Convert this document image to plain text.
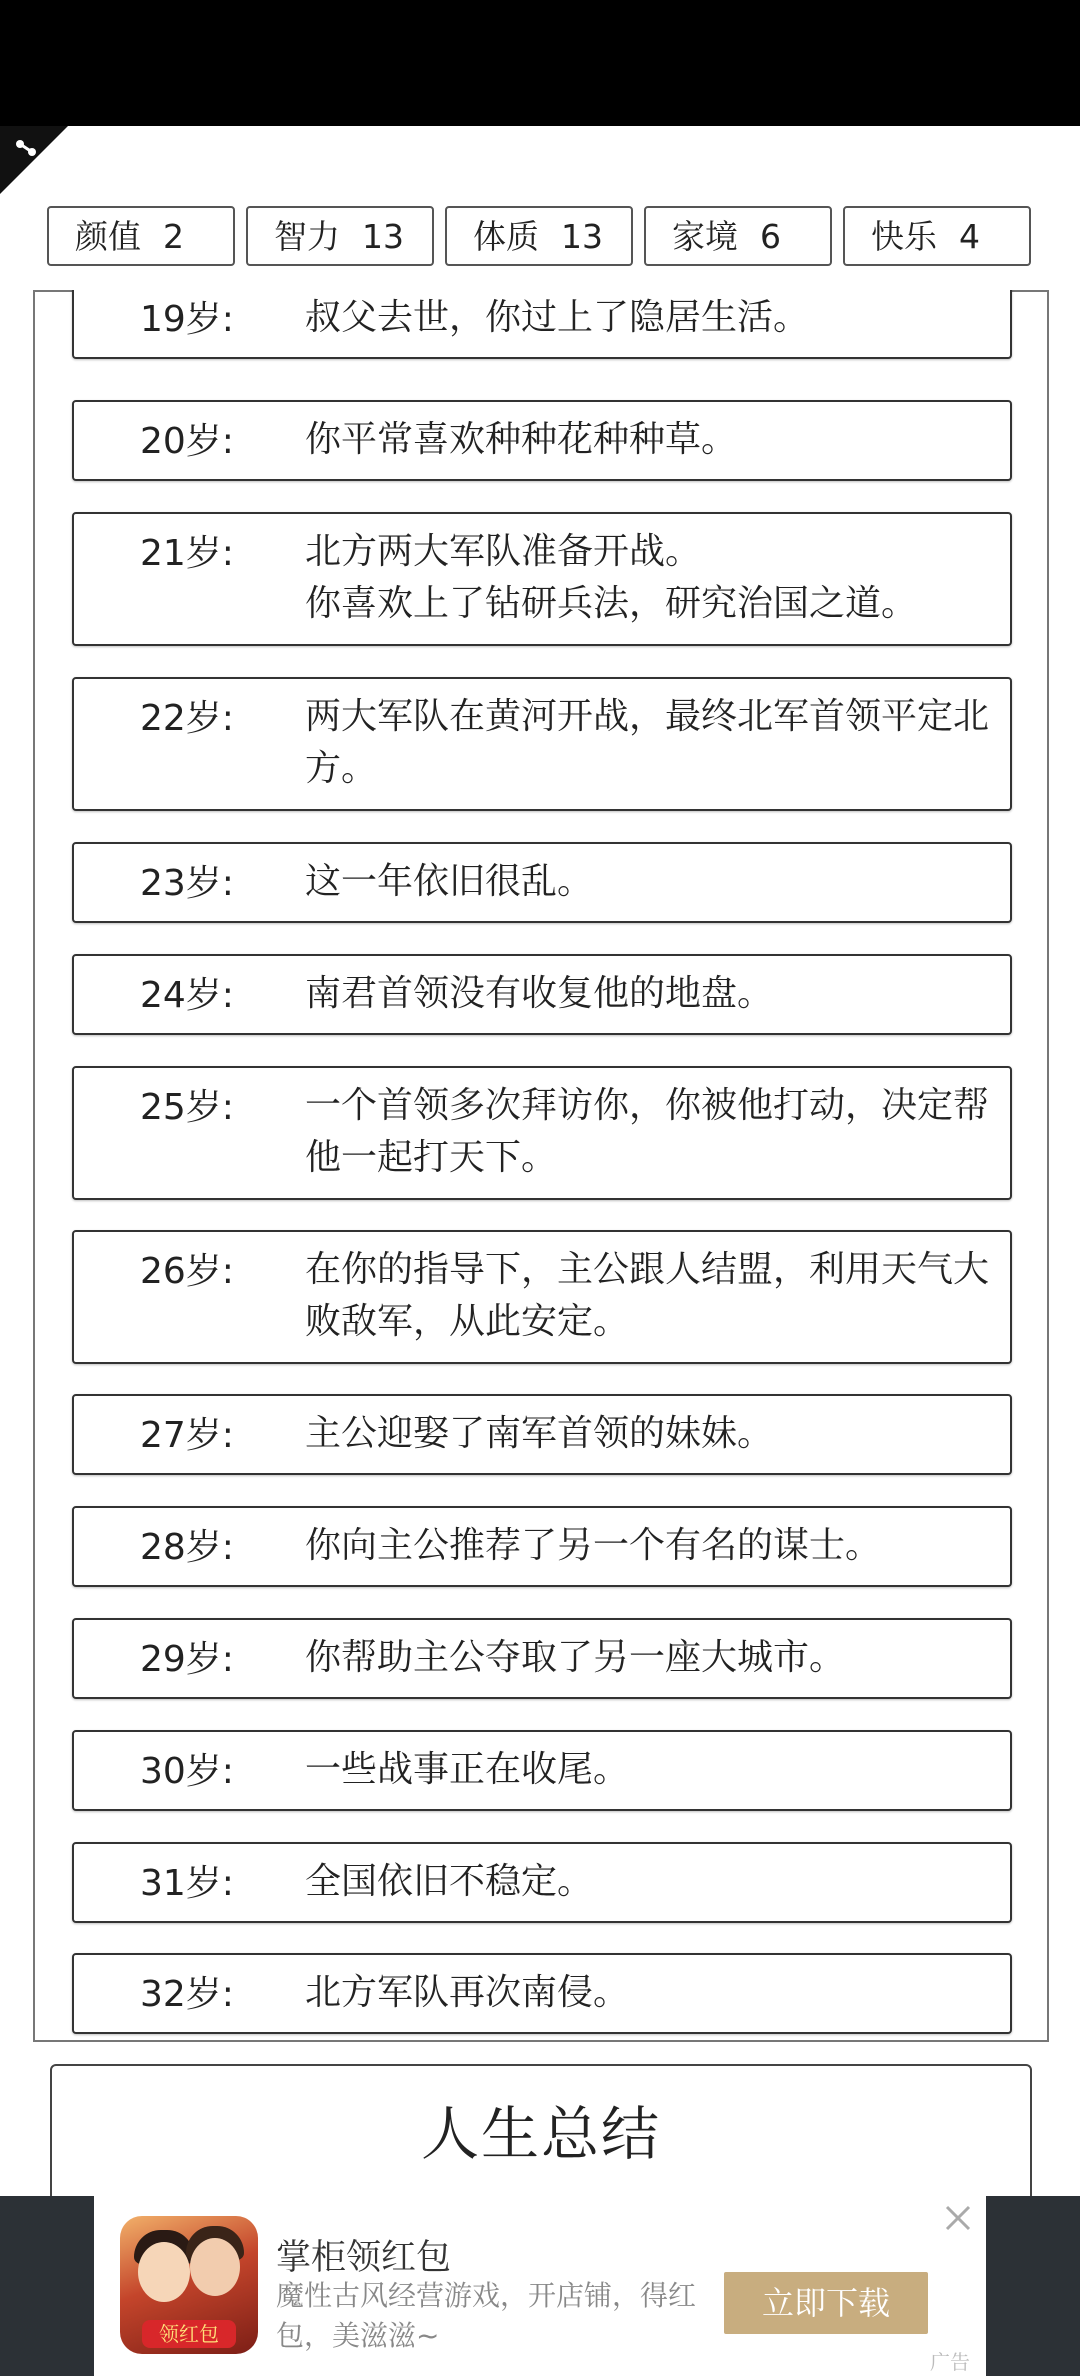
颜值 2	智力 13	体质 13	家境 6	快乐 4
19岁: 叔父去世，你过上了隐居生活。
20岁: 你平常喜欢种种花种种草。
21岁: 北方两大军队准备开战。
你喜欢上了钻研兵法，研究治国之道。
22岁: 两大军队在黄河开战，最终北军首领平定北方。
23岁: 这一年依旧很乱。
24岁: 南君首领没有收复他的地盘。
25岁: 一个首领多次拜访你，你被他打动，决定帮他一起打天下。
26岁: 在你的指导下，主公跟人结盟，利用天气大败敌军，从此安定。
27岁: 主公迎娶了南军首领的妹妹。
28岁: 你向主公推荐了另一个有名的谋士。
29岁: 你帮助主公夺取了另一座大城市。
30岁: 一些战事正在收尾。
31岁: 全国依旧不稳定。
32岁: 北方军队再次南侵。
人生总结
领红包
掌柜领红包
魔性古风经营游戏，开店铺，得红包，美滋滋~
立即下载
广告
